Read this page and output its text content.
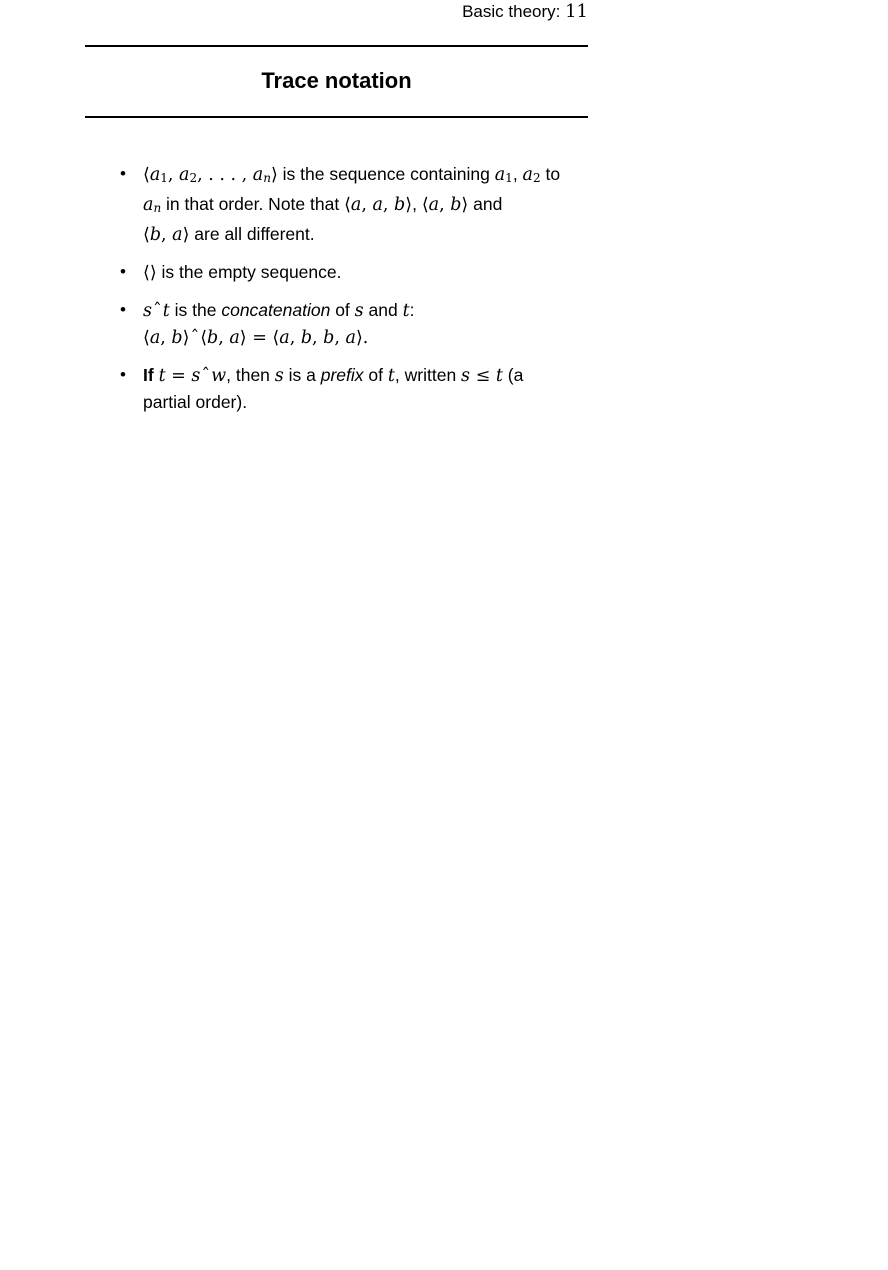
Basic theory: 11
Trace notation
• ⟨a1, a2, . . . , an⟩ is the sequence containing a1, a2 to
an in that order. Note that ⟨a, a, b⟩, ⟨a, b⟩ and
⟨b, a⟩ are all different.
• ⟨⟩ is the empty sequence.
• sˆt is the concatenation of s and t:
⟨a, b⟩ˆ⟨b, a⟩ = ⟨a, b, b, a⟩.
• If t = sˆw, then s is a prefix of t, written s ≤ t (a
partial order).
